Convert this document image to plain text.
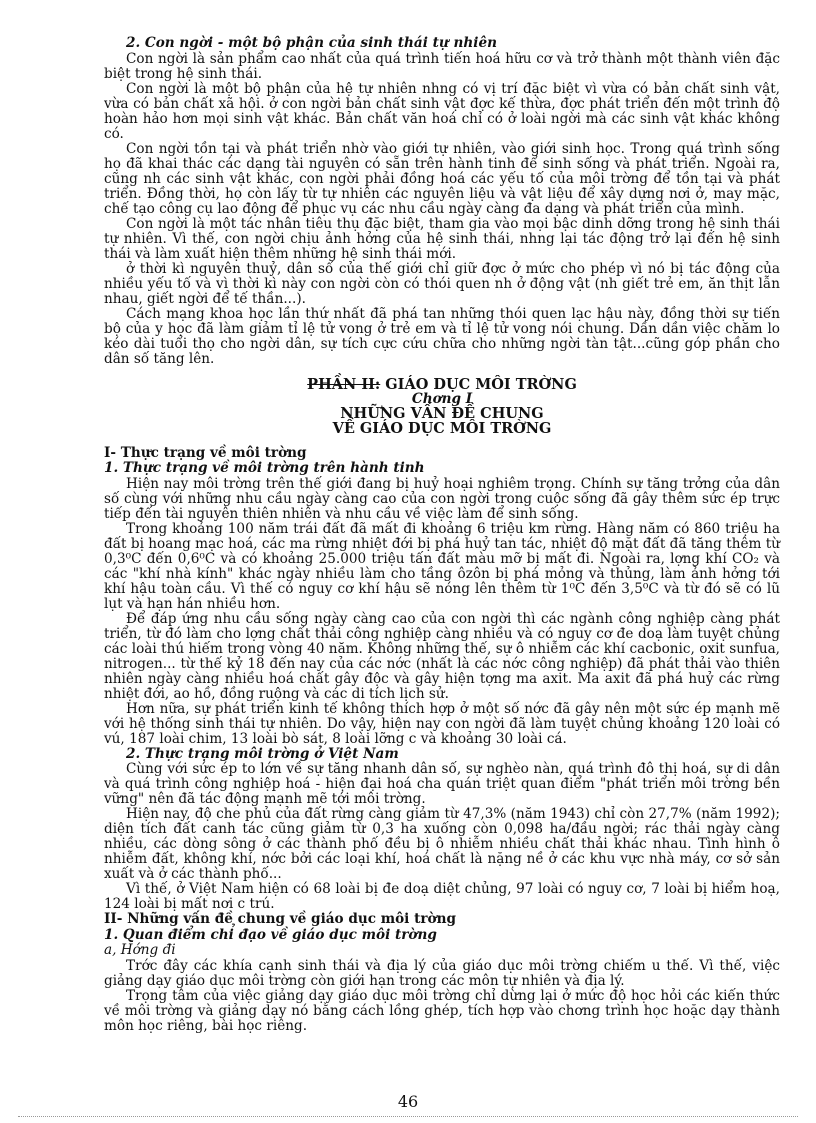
2. Con ngời - một bộ phận của sinh thái tự nhiên

Con ngời là sản phẩm cao nhất của quá trình tiến hoá hữu cơ và trở thành một thành viên đặc biệt trong hệ sinh thái.

Con ngời là một bộ phận của hệ tự nhiên nhng có vị trí đặc biệt vì vừa có bản chất sinh vật, vừa có bản chất xã hội. ở con ngời bản chất sinh vật đợc kế thừa, đợc phát triển đến một trình độ hoàn hảo hơn mọi sinh vật khác. Bản chất văn hoá chỉ có ở loài ngời mà các sinh vật khác không có.

Con ngời tồn tại và phát triển nhờ vào giới tự nhiên, vào giới sinh học. Trong quá trình sống họ đã khai thác các dạng tài nguyên có sẵn trên hành tinh để sinh sống và phát triển. Ngoài ra, cũng nh các sinh vật khác, con ngời phải đồng hoá các yếu tố của môi trờng để tồn tại và phát triển. Đồng thời, họ còn lấy từ tự nhiên các nguyên liệu và vật liệu để xây dựng nơi ở, may mặc, chế tạo công cụ lao động để phục vụ các nhu cầu ngày càng đa dạng và phát triển của mình.

Con ngời là một tác nhân tiêu thụ đặc biệt, tham gia vào mọi bậc dinh dỡng trong hệ sinh thái tự nhiên. Vì thế, con ngời chịu ảnh hởng của hệ sinh thái, nhng lại tác động trở lại đến hệ sinh thái và làm xuất hiện thêm những hệ sinh thái mới.

ở thời kì nguyên thuỷ, dân số của thế giới chỉ giữ đợc ở mức cho phép vì nó bị tác động của nhiều yếu tố và vì thời kì này con ngời còn có thói quen nh ở động vật (nh giết trẻ em, ăn thịt lẫn nhau, giết ngời để tế thần...).

Cách mạng khoa học lần thứ nhất đã phá tan những thói quen lạc hậu này, đồng thời sự tiến bộ của y học đã làm giảm tỉ lệ tử vong ở trẻ em và tỉ lệ tử vong nói chung. Dần dần việc chăm lo kéo dài tuổi thọ cho ngời dân, sự tích cực cứu chữa cho những ngời tàn tật...cũng góp phần cho dân số tăng lên.

PHẦN II: GIÁO DỤC MÔI TRỜNG

Chơng I

NHỮNG VẤN ĐỀ CHUNG

VỀ GIÁO DỤC MÔI TRỜNG

I- Thực trạng về môi trờng

1. Thực trạng về môi trờng trên hành tinh

Hiện nay môi trờng trên thế giới đang bị huỷ hoại nghiêm trọng. Chính sự tăng trởng của dân số cùng với những nhu cầu ngày càng cao của con ngời trong cuộc sống đã gây thêm sức ép trực tiếp đến tài nguyên thiên nhiên và nhu cầu về việc làm để sinh sống.

Trong khoảng 100 năm trái đất đã mất đi khoảng 6 triệu km rừng. Hàng năm có 860 triệu ha đất bị hoang mạc hoá, các ma rừng nhiệt đới bị phá huỷ tan tác, nhiệt độ mặt đất đã tăng thêm từ 0,3⁰C đến 0,6⁰C và có khoảng 25.000 triệu tấn đất màu mỡ bị mất đi. Ngoài ra, lợng khí CO₂ và các "khí nhà kính" khác ngày nhiều làm cho tầng ôzôn bị phá mỏng và thủng, làm ảnh hởng tới khí hậu toàn cầu. Vì thế có nguy cơ khí hậu sẽ nóng lên thêm từ 1⁰C đến 3,5⁰C và từ đó sẽ có lũ lụt và hạn hán nhiều hơn.

Để đáp ứng nhu cầu sống ngày càng cao của con ngời thì các ngành công nghiệp càng phát triển, từ đó làm cho lợng chất thải công nghiệp càng nhiều và có nguy cơ đe doạ làm tuyệt chủng các loài thú hiếm trong vòng 40 năm. Không những thế, sự ô nhiễm các khí cacbonic, oxit sunfua, nitrogen... từ thế kỷ 18 đến nay của các nớc (nhất là các nớc công nghiệp) đã phát thải vào thiên nhiên ngày càng nhiều hoá chất gây độc và gây hiện tợng ma axit. Ma axit đã phá huỷ các rừng nhiệt đới, ao hồ, đồng ruộng và các di tích lịch sử.

Hơn nữa, sự phát triển kinh tế không thích hợp ở một số nớc đã gây nên một sức ép mạnh mẽ với hệ thống sinh thái tự nhiên. Do vậy, hiện nay con ngời đã làm tuyệt chủng khoảng 120 loài có vú, 187 loài chim, 13 loài bò sát, 8 loài lỡng c và khoảng 30 loài cá.

2. Thực trạng môi trờng ở Việt Nam

Cùng với sức ép to lớn về sự tăng nhanh dân số, sự nghèo nàn, quá trình đô thị hoá, sự di dân và quá trình công nghiệp hoá - hiện đại hoá cha quán triệt quan điểm "phát triển môi trờng bền vững" nên đã tác động mạnh mẽ tới môi trờng.

Hiện nay, độ che phủ của đất rừng càng giảm từ 47,3% (năm 1943) chỉ còn 27,7% (năm 1992); diện tích đất canh tác cũng giảm từ 0,3 ha xuống còn 0,098 ha/đầu ngời; rác thải ngày càng nhiều, các dòng sông ở các thành phố đều bị ô nhiễm nhiều chất thải khác nhau. Tình hình ô nhiễm đất, không khí, nớc bởi các loại khí, hoá chất là nặng nề ở các khu vực nhà máy, cơ sở sản xuất và ở các thành phố...

Vì thế, ở Việt Nam hiện có 68 loài bị đe doạ diệt chủng, 97 loài có nguy cơ, 7 loài bị hiểm hoạ, 124 loài bị mất nơi c trú.

II- Những vấn đề chung về giáo dục môi trờng

1. Quan điểm chỉ đạo về giáo dục môi trờng

a, Hớng đi

Trớc đây các khía cạnh sinh thái và địa lý của giáo dục môi trờng chiếm u thế. Vì thế, việc giảng dạy giáo dục môi trờng còn giới hạn trong các môn tự nhiên và địa lý.

Trọng tâm của việc giảng dạy giáo dục môi trờng chỉ dừng lại ở mức độ học hỏi các kiến thức về môi trờng và giảng dạy nó bằng cách lồng ghép, tích hợp vào chơng trình học hoặc dạy thành môn học riêng, bài học riêng.

46
